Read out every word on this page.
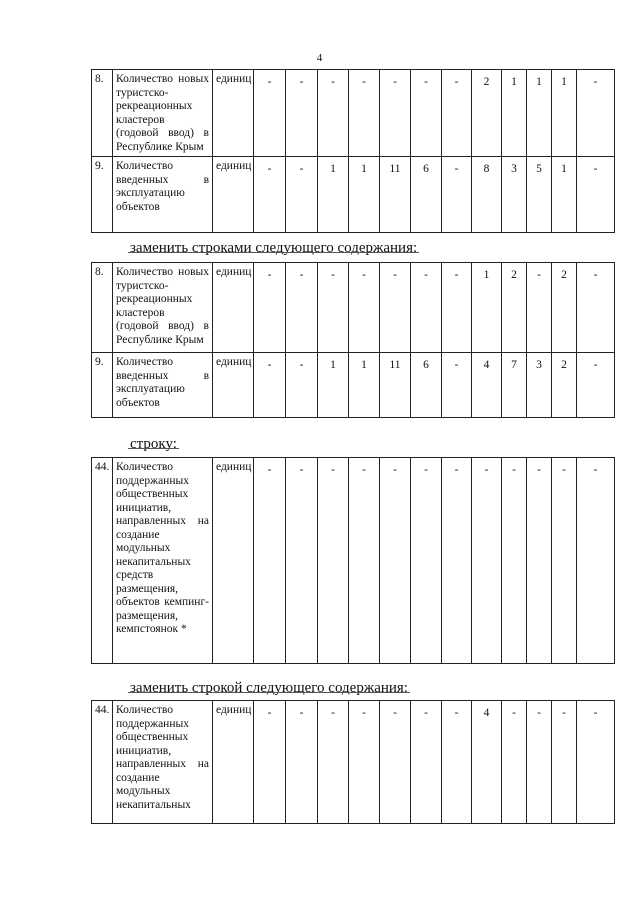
4
8.	Количество новых туристско-рекреационных кластеров (годовой ввод) в Республике Крым	единиц	-	-	-	-	-	-	-	2	1	1	1	-
9.	Количество введенных в эксплуатацию объектов	единиц	-	-	1	1	11	6	-	8	3	5	1	-
заменить строками следующего содержания:
8.	Количество новых туристско-рекреационных кластеров (годовой ввод) в Республике Крым	единиц	-	-	-	-	-	-	-	1	2	-	2	-
9.	Количество введенных в эксплуатацию объектов	единиц	-	-	1	1	11	6	-	4	7	3	2	-
строку:
44.	Количество поддержанных общественных инициатив, направленных на создание модульных некапитальных средств размещения, объектов кемпинг-размещения, кемпстоянок *	единиц	-	-	-	-	-	-	-	-	-	-	-	-
заменить строкой следующего содержания:
44.	Количество поддержанных общественных инициатив, направленных на создание модульных некапитальных	единиц	-	-	-	-	-	-	-	4	-	-	-	-
